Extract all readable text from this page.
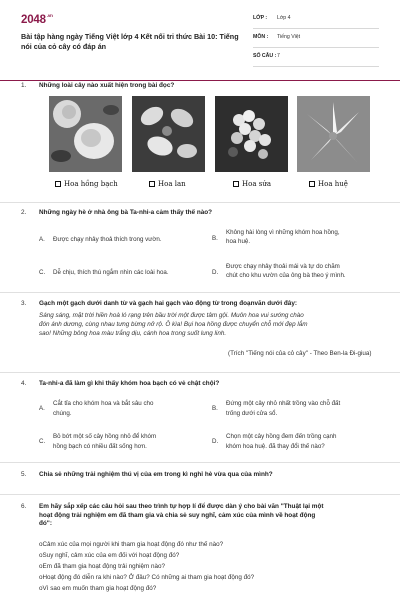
$2048^{.vn}$
Bài tập hàng ngày Tiếng Việt lớp 4 Kết nối tri thức Bài 10: Tiếng nói của cỏ cây có đáp án
LỚP :	Lớp 4
MÔN :	Tiếng Việt
SỐ CÂU : 7
1. Những loài cây nào xuất hiện trong bài đọc?
Hoa hồng bạch	Hoa lan	Hoa sứa	Hoa huệ
2. Những ngày hè ở nhà ông bà Ta-nhi-a cảm thấy thế nào?
A. Được chạy nhảy thoả thích trong vườn.	B.
Không hài lòng vì những khóm hoa hồng,
hoa huệ.
C. Dễ chịu, thích thú ngắm nhìn các loài hoa.	D.
Được chạy nhảy thoải mái và tự do chăm
chút cho khu vườn của ông bà theo ý mình.
3. Gạch một gạch dưới danh từ và gạch hai gạch vào động từ trong đoạnvăn dưới đây:
Sáng sáng, mặt trời hiền hoà ló rạng trên bầu trời một được tâm gội. Muôn hoa vui sướng chào
đón ánh dương, cùng nhau tưng bừng nở rộ. Ô kìa! Bụi hoa hồng được chuyển chỗ mới đẹp lắm
sao! Những bông hoa màu trắng dịu, cánh hoa trong suốt lung linh.
(Trích "Tiếng nói của cỏ cây" - Theo Ben-la Đi-giua)
4. Ta-nhi-a đã làm gì khi thấy khóm hoa bạch có vẻ chật chội?
A.
Cắt tỉa cho khóm hoa và bắt sâu cho
chúng.
B.
Đứng một cây nhỏ nhất trồng vào chỗ đất
trống dưới cửa sổ.
C.
Bỏ bớt một số cây hồng nhỏ để khóm
hồng bạch có nhiều đất sống hơn.
D.
Chọn một cây hồng đem đến trồng cạnh
khóm hoa huệ. đã thay đổi thế nào?
5. Chia sẻ những trải nghiệm thú vị của em trong kì nghỉ hè vừa qua của mình?
6. Em hãy sắp xếp các câu hỏi sau theo trình tự hợp lí để được dàn ý cho bài văn "Thuật lại một
hoạt động trải nghiệm em đã tham gia và chia sẻ suy nghĩ, cảm xúc của mình về hoạt động
đó":
oCảm xúc của mọi người khi tham gia hoạt động đó như thế nào?
oSuy nghĩ, cảm xúc của em đối với hoạt động đó?
oEm đã tham gia hoạt động trải nghiệm nào?
oHoạt động đó diễn ra khi nào? Ở đâu? Có những ai tham gia hoạt động đó?
oVì sao em muốn tham gia hoạt động đó?
